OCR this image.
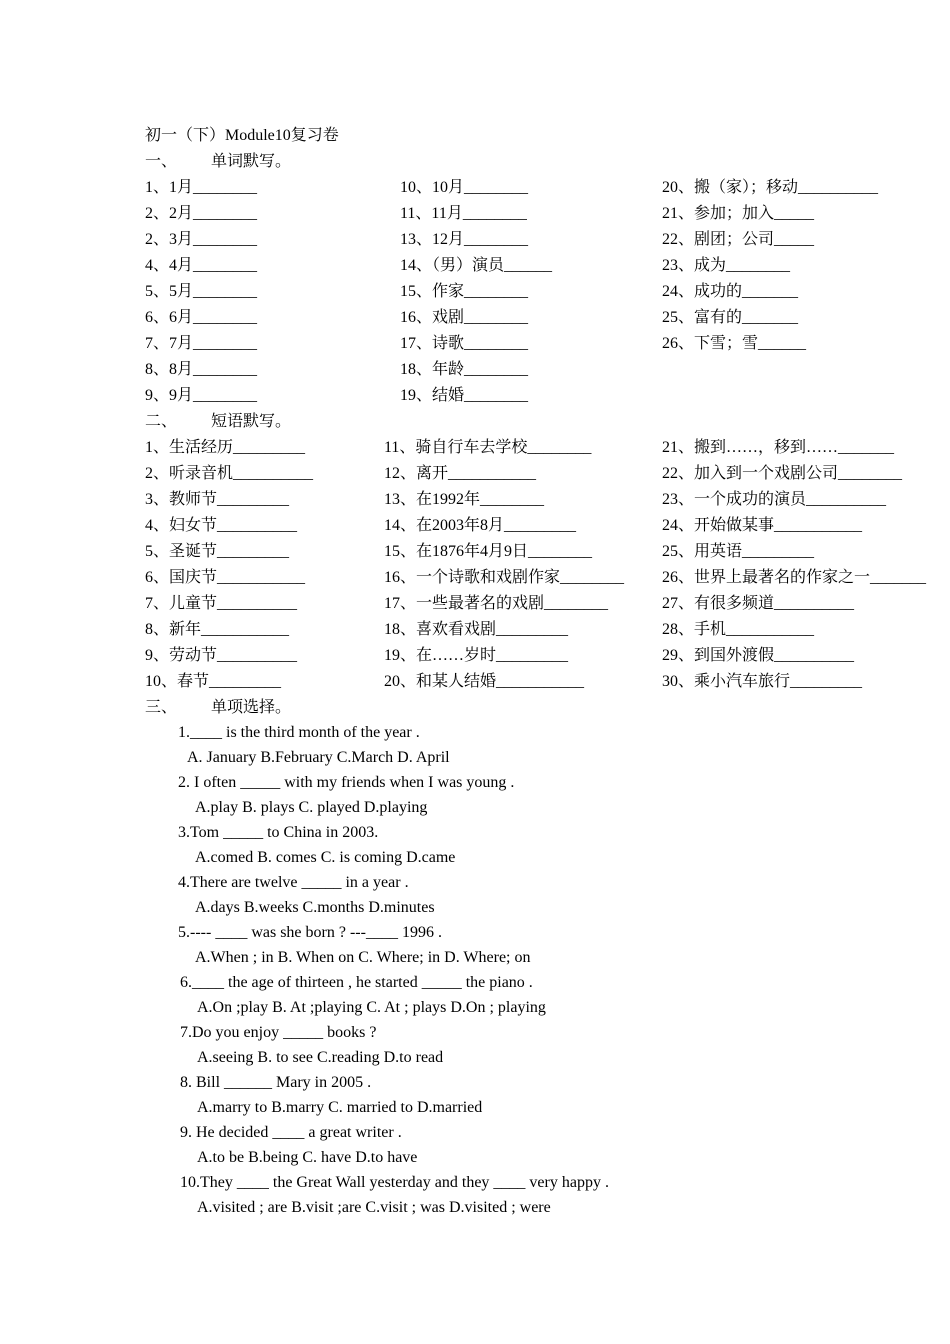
初一（下）Module10复习卷
一、 单词默写。
1、1月________
2、2月________
2、3月________
4、4月________
5、5月________
6、6月________
7、7月________
8、8月________
9、9月________
10、10月________
11、11月________
13、12月________
14、（男）演员______
15、作家________
16、戏剧________
17、诗歌________
18、年龄________
19、结婚________
20、搬（家）；移动__________
21、参加；加入_____
22、剧团；公司_____
23、成为________
24、成功的_______
25、富有的_______
26、下雪；雪______
二、 短语默写。
1、生活经历_________
2、听录音机__________
3、教师节_________
4、妇女节__________
5、圣诞节_________
6、国庆节___________
7、儿童节__________
8、新年___________
9、劳动节__________
10、春节_________
11、骑自行车去学校________
12、离开___________
13、在1992年________
14、在2003年8月_________
15、在1876年4月9日________
16、一个诗歌和戏剧作家________
17、一些最著名的戏剧________
18、喜欢看戏剧_________
19、在……岁时_________
20、和某人结婚___________
21、搬到……，移到……_______
22、加入到一个戏剧公司________
23、一个成功的演员__________
24、开始做某事___________
25、用英语_________
26、世界上最著名的作家之一_______
27、有很多频道__________
28、手机___________
29、到国外渡假__________
30、乘小汽车旅行_________
三、 单项选择。
1.____ is the third month of the year .
A. January B.February C.March D. April
2. I often _____ with my friends when I was young .
A.play B. plays C. played D.playing
3.Tom _____ to China in 2003.
A.comed B. comes C. is coming D.came
4.There are twelve _____ in a year .
A.days B.weeks C.months D.minutes
5.---- ____ was she born ? ---____ 1996 .
A.When ; in B. When on C. Where; in D. Where; on
6.____ the age of thirteen , he started _____ the piano .
A.On ;play B. At ;playing C. At ; plays D.On ; playing
7.Do you enjoy _____ books ?
A.seeing B. to see C.reading D.to read
8. Bill ______ Mary in 2005 .
A.marry to B.marry C. married to D.married
9. He decided ____ a great writer .
A.to be B.being C. have D.to have
10.They ____ the Great Wall yesterday and they ____ very happy .
A.visited ; are B.visit ;are C.visit ; was D.visited ; were
